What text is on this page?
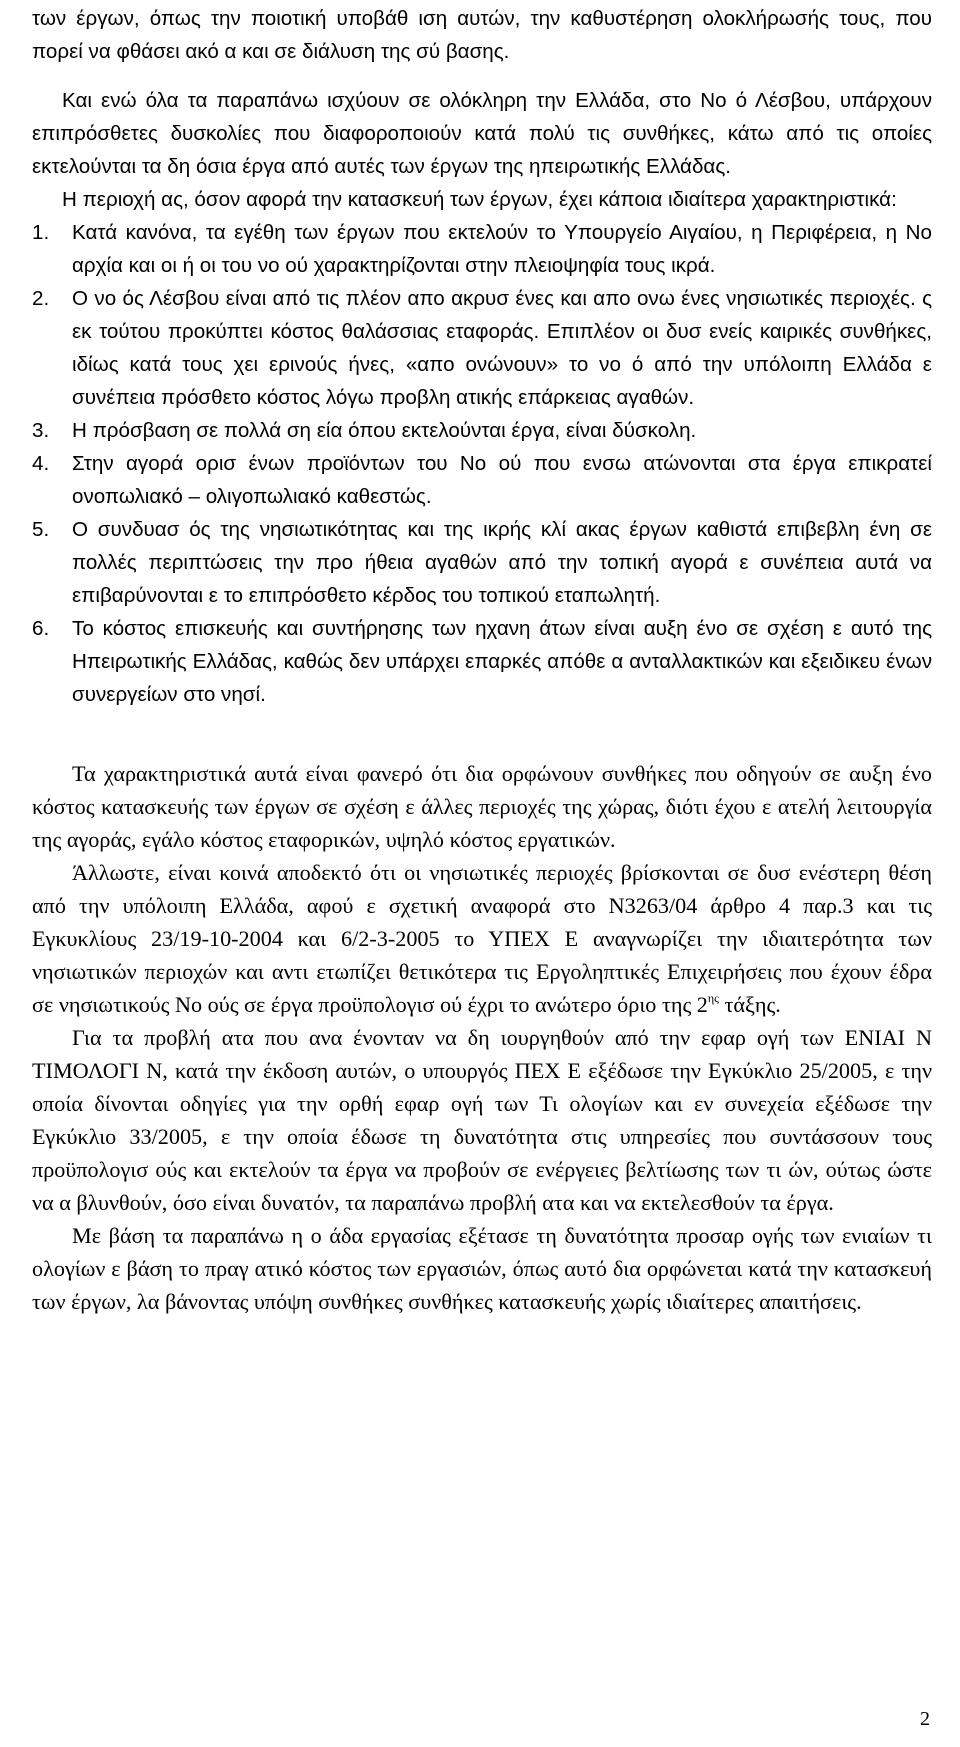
των έργων, όπως την ποιοτική υποβάθ ιση αυτών, την καθυστέρηση ολοκλήρωσής τους, που πορεί να φθάσει ακό α και σε διάλυση της σύ βασης.

Και ενώ όλα τα παραπάνω ισχύουν σε ολόκληρη την Ελλάδα, στο Νο ό Λέσβου, υπάρχουν επιπρόσθετες δυσκολίες που διαφοροποιούν κατά πολύ τις συνθήκες, κάτω από τις οποίες εκτελούνται τα δη όσια έργα από αυτές των έργων της ηπειρωτικής Ελλάδας.

Η περιοχή ας, όσον αφορά την κατασκευή των έργων, έχει κάποια ιδιαίτερα χαρακτηριστικά:

1. Κατά κανόνα, τα εγέθη των έργων που εκτελούν το Υπουργείο Αιγαίου, η Περιφέρεια, η Νο αρχία και οι ή οι του νο ού χαρακτηρίζονται στην πλειοψηφία τους ικρά.
2. Ο νο ός Λέσβου είναι από τις πλέον απο ακρυσ ένες και απο ονω ένες νησιωτικές περιοχές. ς εκ τούτου προκύπτει κόστος θαλάσσιας εταφοράς. Επιπλέον οι δυσ ενείς καιρικές συνθήκες, ιδίως κατά τους χει ερινούς ήνες, «απο ονώνουν» το νο ό από την υπόλοιπη Ελλάδα ε συνέπεια πρόσθετο κόστος λόγω προβλη ατικής επάρκειας αγαθών.
3. Η πρόσβαση σε πολλά ση εία όπου εκτελούνται έργα, είναι δύσκολη.
4. Στην αγορά ορισ ένων προϊόντων του Νο ού που ενσω ατώνονται στα έργα επικρατεί ονοπωλιακό – ολιγοπωλιακό καθεστώς.
5. Ο συνδυασ ός της νησιωτικότητας και της ικρής κλί ακας έργων καθιστά επιβεβλη ένη σε πολλές περιπτώσεις την προ ήθεια αγαθών από την τοπική αγορά ε συνέπεια αυτά να επιβαρύνονται ε το επιπρόσθετο κέρδος του τοπικού εταπωλητή.
6. Το κόστος επισκευής και συντήρησης των ηχανη άτων είναι αυξη ένο σε σχέση ε αυτό της Ηπειρωτικής Ελλάδας, καθώς δεν υπάρχει επαρκές απόθε α ανταλλακτικών και εξειδικευ ένων συνεργείων στο νησί.

Τα χαρακτηριστικά αυτά είναι φανερό ότι δια ορφώνουν συνθήκες που οδηγούν σε αυξη ένο κόστος κατασκευής των έργων σε σχέση ε άλλες περιοχές της χώρας, διότι έχου ε ατελή λειτουργία της αγοράς, εγάλο κόστος εταφορικών, υψηλό κόστος εργατικών.

Άλλωστε, είναι κοινά αποδεκτό ότι οι νησιωτικές περιοχές βρίσκονται σε δυσ ενέστερη θέση από την υπόλοιπη Ελλάδα, αφού ε σχετική αναφορά στο Ν3263/04 άρθρο 4 παρ.3 και τις Εγκυκλίους 23/19-10-2004 και 6/2-3-2005 το ΥΠΕΧ Ε αναγνωρίζει την ιδιαιτερότητα των νησιωτικών περιοχών και αντι ετωπίζει θετικότερα τις Εργοληπτικές Επιχειρήσεις που έχουν έδρα σε νησιωτικούς Νο ούς σε έργα προϋπολογισ ού έχρι το ανώτερο όριο της $2^{\eta\varsigma}$ τάξης.

Για τα προβλή ατα που ανα ένονταν να δη ιουργηθούν από την εφαρ ογή των ΕΝΙΑΙ Ν ΤΙΜΟΛΟΓΙ Ν, κατά την έκδοση αυτών, ο υπουργός ΠΕΧ Ε εξέδωσε την Εγκύκλιο 25/2005, ε την οποία δίνονται οδηγίες για την ορθή εφαρ ογή των Τι ολογίων και εν συνεχεία εξέδωσε την Εγκύκλιο 33/2005, ε την οποία έδωσε τη δυνατότητα στις υπηρεσίες που συντάσσουν τους προϋπολογισ ούς και εκτελούν τα έργα να προβούν σε ενέργειες βελτίωσης των τι ών, ούτως ώστε να α βλυνθούν, όσο είναι δυνατόν, τα παραπάνω προβλή ατα και να εκτελεσθούν τα έργα.

Με βάση τα παραπάνω η ο άδα εργασίας εξέτασε τη δυνατότητα προσαρ ογής των ενιαίων τι ολογίων ε βάση το πραγ ατικό κόστος των εργασιών, όπως αυτό δια ορφώνεται κατά την κατασκευή των έργων, λα βάνοντας υπόψη συνθήκες συνθήκες κατασκευής χωρίς ιδιαίτερες απαιτήσεις.

2
